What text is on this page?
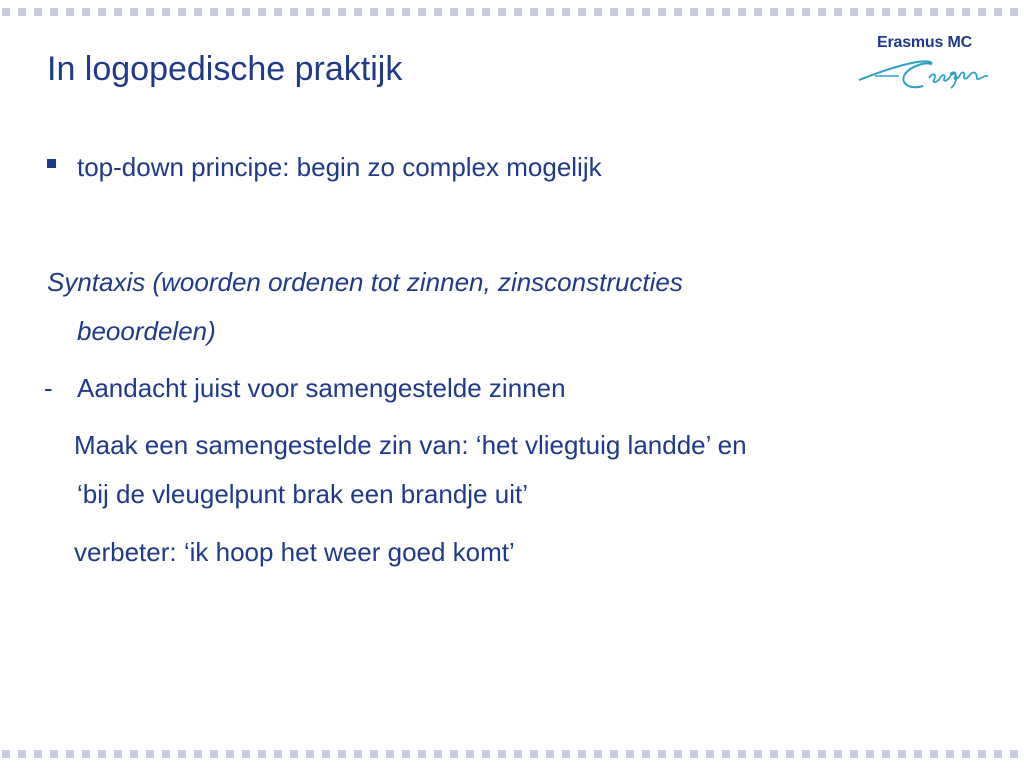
In logopedische praktijk
Erasmus MC
top-down principe: begin zo complex mogelijk
Syntaxis (woorden ordenen tot zinnen, zinsconstructies
beoordelen)
- Aandacht juist voor samengestelde zinnen
Maak een samengestelde zin van: ‘het vliegtuig landde’ en
‘bij de vleugelpunt brak een brandje uit’
verbeter: ‘ik hoop het weer goed komt’
